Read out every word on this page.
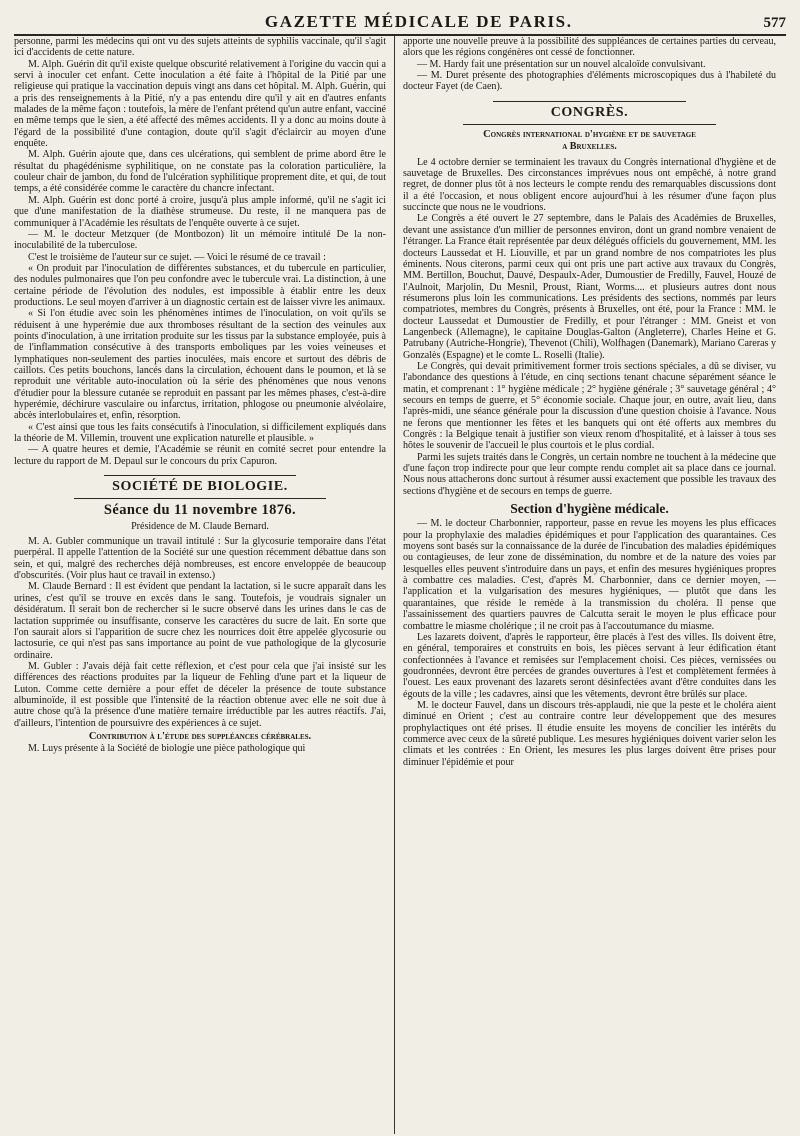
GAZETTE MÉDICALE DE PARIS.	577

personne, parmi les médecins qui ont vu des sujets atteints de syphilis vaccinale, qu'il s'agit ici d'accidents de cette nature.

M. Alph. Guérin dit qu'il existe quelque obscurité relativement à l'origine du vaccin qui a servi à inoculer cet enfant. Cette inoculation a été faite à l'hôpital de la Pitié par une religieuse qui pratique la vaccination depuis vingt ans dans cet hôpital. M. Alph. Guérin, qui a pris des renseignements à la Pitié, n'y a pas entendu dire qu'il y ait en d'autres enfants malades de la même façon : toutefois, la mère de l'enfant prétend qu'un autre enfant, vacciné en même temps que le sien, a été affecté des mêmes accidents. Il y a donc au moins doute à l'égard de la possibilité d'une contagion, doute qu'il s'agit d'éclaircir au moyen d'une enquête.

M. Alph. Guérin ajoute que, dans ces ulcérations, qui semblent de prime abord être le résultat du phagédénisme syphilitique, on ne constate pas la coloration particulière, la couleur chair de jambon, du fond de l'ulcération syphilitique proprement dite, et qui, de tout temps, a été considérée comme le caractère du chancre infectant.

M. Alph. Guérin est donc porté à croire, jusqu'à plus ample informé, qu'il ne s'agit ici que d'une manifestation de la diathèse strumeuse. Du reste, il ne manquera pas de communiquer à l'Académie les résultats de l'enquête ouverte à ce sujet.

— M. le docteur Metzquer (de Montbozon) lit un mémoire intitulé De la non-inoculabilité de la tuberculose.

C'est le troisième de l'auteur sur ce sujet. — Voici le résumé de ce travail :

« On produit par l'inoculation de différentes substances, et du tubercule en particulier, des nodules pulmonaires que l'on peu confondre avec le tubercule vrai. La distinction, à une certaine période de l'évolution des nodules, est impossible à établir entre les deux productions. Le seul moyen d'arriver à un diagnostic certain est de laisser vivre les animaux.

« Si l'on étudie avec soin les phénomènes intimes de l'inoculation, on voit qu'ils se réduisent à une hyperémie due aux thromboses résultant de la section des veinules aux points d'inoculation, à une irritation produite sur les tissus par la substance employée, puis à de l'inflammation consécutive à des transports emboliques par les voies veineuses et lymphatiques non-seulement des parties inoculées, mais encore et surtout des débris de caillots. Ces petits bouchons, lancés dans la circulation, échouent dans le poumon, et là se reproduit une véritable auto-inoculation où la série des phénomènes que nous venons d'étudier pour la blessure cutanée se reproduit en passant par les mêmes phases, c'est-à-dire hyperémie, déchirure vasculaire ou infarctus, irritation, phlogose ou pneumonie alvéolaire, abcès interlobulaires et, enfin, résorption.

« C'est ainsi que tous les faits consécutifs à l'inoculation, si difficilement expliqués dans la théorie de M. Villemin, trouvent une explication naturelle et plausible. »

— A quatre heures et demie, l'Académie se réunit en comité secret pour entendre la lecture du rapport de M. Depaul sur le concours du prix Capuron.

SOCIÉTÉ DE BIOLOGIE.
Séance du 11 novembre 1876.

Présidence de M. Claude Bernard.

M. A. Gubler communique un travail intitulé : Sur la glycosurie temporaire dans l'état puerpéral. Il appelle l'attention de la Société sur une question récemment débattue dans son sein, et qui, malgré des recherches déjà nombreuses, est encore enveloppée de beaucoup d'obscurités. (Voir plus haut ce travail in extenso.)

M. Claude Bernard : Il est évident que pendant la lactation, si le sucre apparaît dans les urines, c'est qu'il se trouve en excès dans le sang. Toutefois, je voudrais signaler un désidératum. Il serait bon de rechercher si le sucre observé dans les urines dans le cas de lactation supprimée ou insuffisante, conserve les caractères du sucre de lait. En sorte que l'on saurait alors si l'apparition de sucre chez les nourrices doit être appelée glycosurie ou lactosurie, ce qui n'est pas sans importance au point de vue pathologique de la glycosurie ordinaire.

M. Gubler : J'avais déjà fait cette réflexion, et c'est pour cela que j'ai insisté sur les différences des réactions produites par la liqueur de Fehling d'une part et la liqueur de Luton. Comme cette dernière a pour effet de déceler la présence de toute substance albuminoïde, il est possible que l'intensité de la réaction obtenue avec elle ne soit due à autre chose qu'à la présence d'une matière ternaire irréductible par les autres réactifs. J'ai, d'ailleurs, l'intention de poursuivre des expériences à ce sujet.

Contribution à l'étude des suppléances cérébrales.

M. Luys présente à la Société de biologie une pièce pathologique qui

apporte une nouvelle preuve à la possibilité des suppléances de certaines parties du cerveau, alors que les régions congénères ont cessé de fonctionner.

— M. Hardy fait une présentation sur un nouvel alcaloïde convulsivant.

— M. Duret présente des photographies d'éléments microscopiques dus à l'habileté du docteur Fayet (de Caen).

CONGRÈS.
Congrès international d'hygiène et de sauvetage
a Bruxelles.

Le 4 octobre dernier se terminaient les travaux du Congrès international d'hygiène et de sauvetage de Bruxelles. Des circonstances imprévues nous ont empêché, à notre grand regret, de donner plus tôt à nos lecteurs le compte rendu des remarquables discussions dont il a été l'occasion, et nous obligent encore aujourd'hui à les résumer d'une façon plus succincte que nous ne le voudrions.

Le Congrès a été ouvert le 27 septembre, dans le Palais des Académies de Bruxelles, devant une assistance d'un millier de personnes environ, dont un grand nombre venaient de l'étranger. La France était représentée par deux délégués officiels du gouvernement, MM. les docteurs Laussedat et H. Liouville, et par un grand nombre de nos compatriotes les plus éminents. Nous citerons, parmi ceux qui ont pris une part active aux travaux du Congrès, MM. Bertillon, Bouchut, Dauvé, Despaulx-Ader, Dumoustier de Fredilly, Fauvel, Houzé de l'Aulnoit, Marjolin, Du Mesnil, Proust, Riant, Worms.... et plusieurs autres dont nous résumerons plus loin les communications. Les présidents des sections, nommés par leurs compatriotes, membres du Congrès, présents à Bruxelles, ont été, pour la France : MM. le docteur Laussedat et Dumoustier de Fredilly, et pour l'étranger : MM. Gneist et von Langenbeck (Allemagne), le capitaine Douglas-Galton (Angleterre), Charles Heine et G. Patrubany (Autriche-Hongrie), Thevenot (Chili), Wolfhagen (Danemark), Mariano Careras y Gonzalès (Espagne) et le comte L. Roselli (Italie).

Le Congrès, qui devait primitivement former trois sections spéciales, a dû se diviser, vu l'abondance des questions à l'étude, en cinq sections tenant chacune séparément séance le matin, et comprenant : 1° hygiène médicale ; 2° hygiène générale ; 3° sauvetage général ; 4° secours en temps de guerre, et 5° économie sociale. Chaque jour, en outre, avait lieu, dans l'après-midi, une séance générale pour la discussion d'une question choisie à l'avance. Nous ne ferons que mentionner les fêtes et les banquets qui ont été offerts aux membres du Congrès : la Belgique tenait à justifier son vieux renom d'hospitalité, et à laisser à tous ses hôtes le souvenir de l'accueil le plus courtois et le plus cordial.

Parmi les sujets traités dans le Congrès, un certain nombre ne touchent à la médecine que d'une façon trop indirecte pour que leur compte rendu complet ait sa place dans ce journal. Nous nous attacherons donc surtout à résumer aussi exactement que possible les travaux des sections d'hygiène et de secours en temps de guerre.

Section d'hygiène médicale.

— M. le docteur Charbonnier, rapporteur, passe en revue les moyens les plus efficaces pour la prophylaxie des maladies épidémiques et pour l'application des quarantaines. Ces moyens sont basés sur la connaissance de la durée de l'incubation des maladies épidémiques ou contagieuses, de leur zone de dissémination, du nombre et de la nature des voies par lesquelles elles peuvent s'introduire dans un pays, et enfin des mesures hygiéniques propres à combattre ces maladies. C'est, d'après M. Charbonnier, dans ce dernier moyen, — l'application et la vulgarisation des mesures hygiéniques, — plutôt que dans les quarantaines, que réside le remède à la transmission du choléra. Il pense que l'assainissement des quartiers pauvres de Calcutta serait le moyen le plus efficace pour combattre le miasme cholérique ; il ne croit pas à l'accoutumance du miasme.

Les lazarets doivent, d'après le rapporteur, être placés à l'est des villes. Ils doivent être, en général, temporaires et construits en bois, les pièces servant à leur édification étant confectionnées à l'avance et remisées sur l'emplacement choisi. Ces pièces, vernissées ou goudronnées, devront être percées de grandes ouvertures à l'est et complètement fermées à l'ouest. Les eaux provenant des lazarets seront désinfectées avant d'être conduites dans les égouts de la ville ; les cadavres, ainsi que les vêtements, devront être brûlés sur place.

M. le docteur Fauvel, dans un discours très-applaudi, nie que la peste et le choléra aient diminué en Orient ; c'est au contraire contre leur développement que des mesures prophylactiques ont été prises. Il étudie ensuite les moyens de concilier les intérêts du commerce avec ceux de la sûreté publique. Les mesures hygiéniques doivent varier selon les climats et les contrées : En Orient, les mesures les plus larges doivent être prises pour diminuer l'épidémie et pour
